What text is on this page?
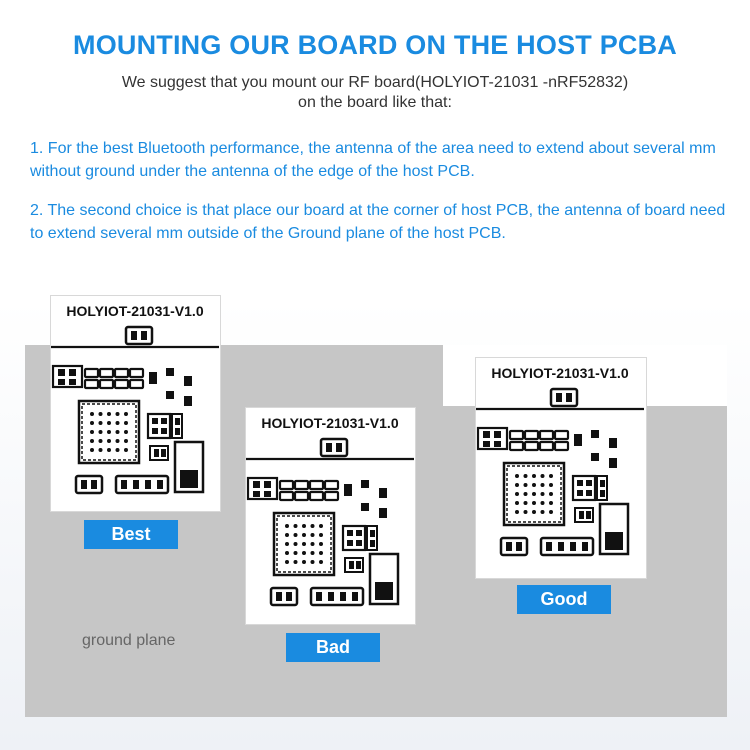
MOUNTING OUR BOARD ON THE HOST PCBA
We suggest that you mount our RF board(HOLYIOT-21031 -nRF52832)
on the board like that:
1. For the best Bluetooth performance, the antenna of the area need to extend about several mm without ground under the antenna of the edge of the host PCB.
2. The second choice is that place our board at the corner of host PCB, the antenna of board need to extend several mm outside of the Ground plane of the host PCB.
ground plane
HOLYIOT-21031-V1.0
HOLYIOT-21031-V1.0
HOLYIOT-21031-V1.0
Best
Bad
Good
